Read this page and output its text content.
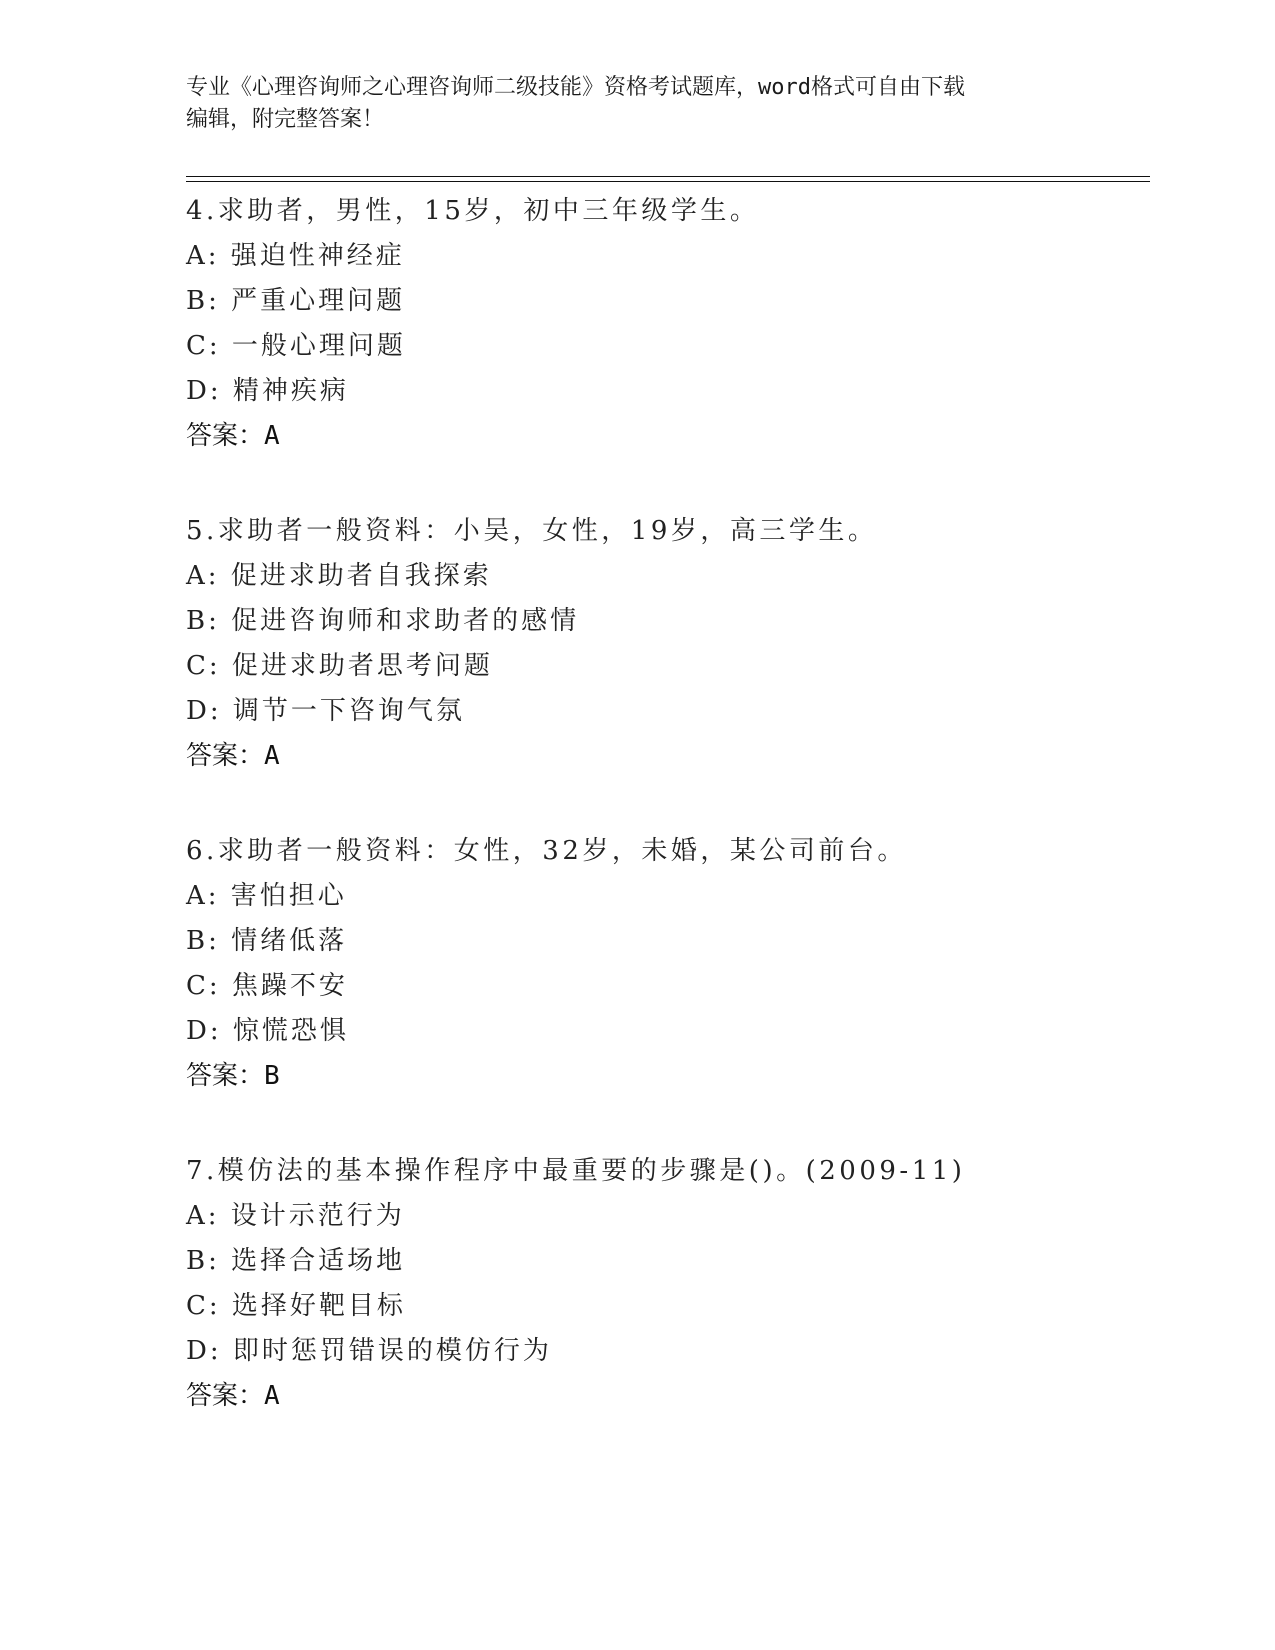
专业《心理咨询师之心理咨询师二级技能》资格考试题库，word格式可自由下载
编辑，附完整答案！
4.求助者，男性，15岁，初中三年级学生。
A: 强迫性神经症
B: 严重心理问题
C: 一般心理问题
D: 精神疾病
答案：A
5.求助者一般资料：小吴，女性，19岁，高三学生。
A: 促进求助者自我探索
B: 促进咨询师和求助者的感情
C: 促进求助者思考问题
D: 调节一下咨询气氛
答案：A
6.求助者一般资料：女性，32岁，未婚，某公司前台。
A: 害怕担心
B: 情绪低落
C: 焦躁不安
D: 惊慌恐惧
答案：B
7.模仿法的基本操作程序中最重要的步骤是()。(2009-11)
A: 设计示范行为
B: 选择合适场地
C: 选择好靶目标
D: 即时惩罚错误的模仿行为
答案：A
